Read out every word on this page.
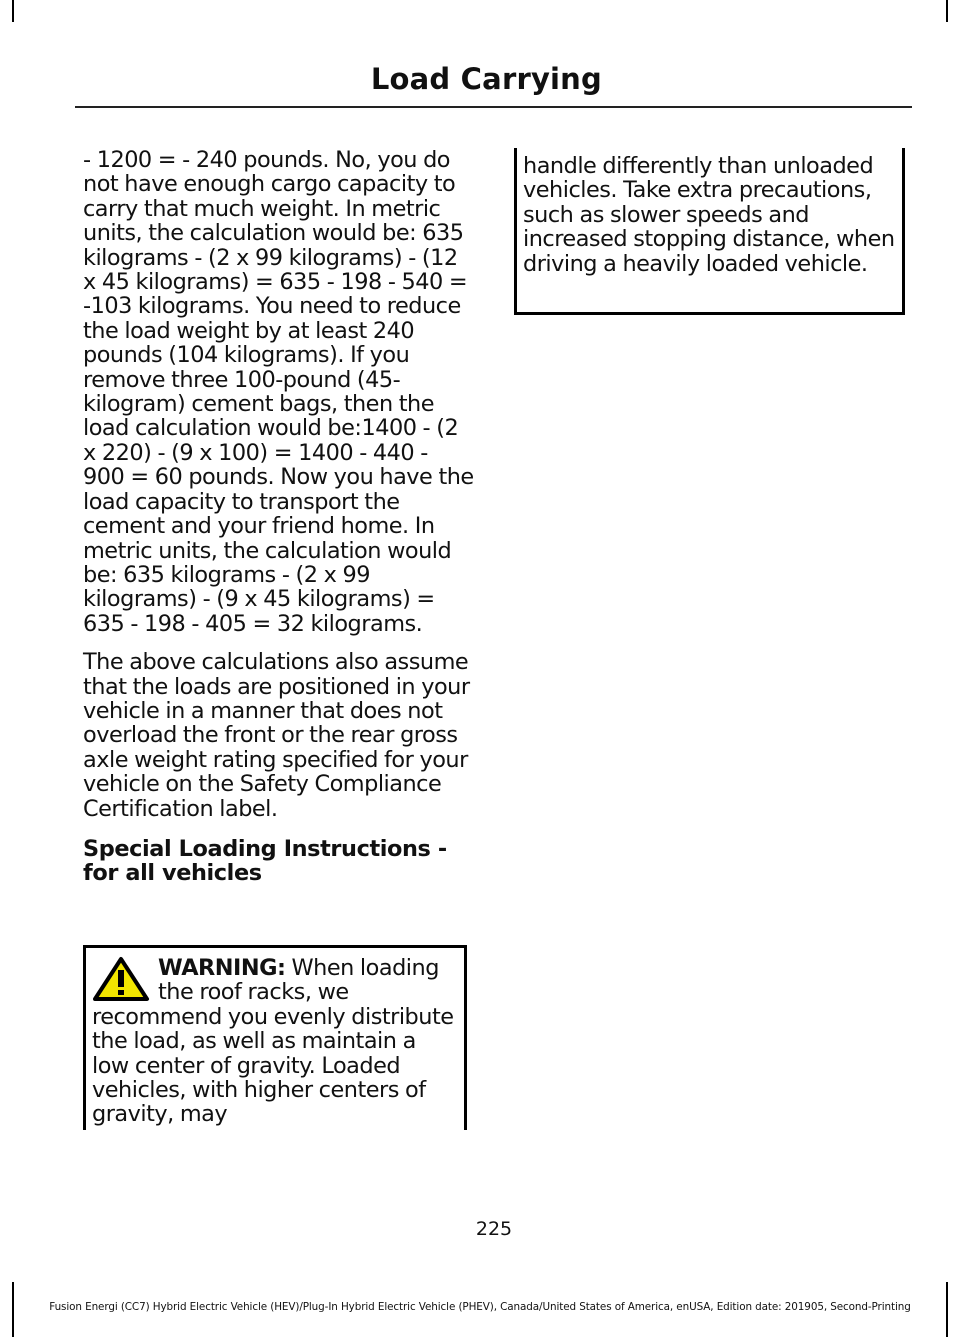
Load Carrying

- 1200 = - 240 pounds. No, you do not have enough cargo capacity to carry that much weight. In metric units, the calculation would be: 635 kilograms - (2 x 99 kilograms) - (12 x 45 kilograms) = 635 - 198 - 540 = -103 kilograms. You need to reduce the load weight by at least 240 pounds (104 kilograms). If you remove three 100-pound (45-kilogram) cement bags, then the load calculation would be:1400 - (2 x 220) - (9 x 100) = 1400 - 440 - 900 = 60 pounds. Now you have the load capacity to transport the cement and your friend home. In metric units, the calculation would be: 635 kilograms - (2 x 99 kilograms) - (9 x 45 kilograms) = 635 - 198 - 405 = 32 kilograms.

The above calculations also assume that the loads are positioned in your vehicle in a manner that does not overload the front or the rear gross axle weight rating specified for your vehicle on the Safety Compliance Certification label.

Special Loading Instructions - for all vehicles

WARNING: When loading the roof racks, we recommend you evenly distribute the load, as well as maintain a low center of gravity. Loaded vehicles, with higher centers of gravity, may

handle differently than unloaded vehicles. Take extra precautions, such as slower speeds and increased stopping distance, when driving a heavily loaded vehicle.

225
Fusion Energi (CC7) Hybrid Electric Vehicle (HEV)/Plug-In Hybrid Electric Vehicle (PHEV), Canada/United States of America, enUSA, Edition date: 201905, Second-Printing
